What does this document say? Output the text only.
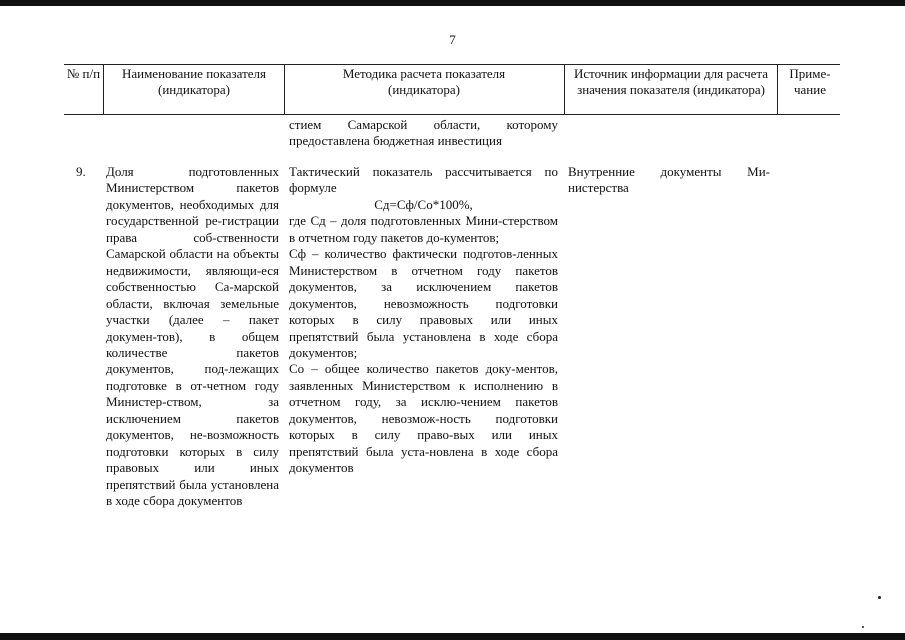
7
№ п/п	Наименование показателя (индикатора)
Методика расчета показателя (индикатора)
Источник информации для расчета значения показателя (индикатора)
Приме-чание
стием Самарской области, которому предоставлена бюджетная инвестиция
9.	Доля подготовленных Министерством пакетов документов, необходимых для государственной ре-гистрации права соб-ственности Самарской области на объекты недвижимости, являющи-еся собственностью Са-марской области, включая земельные участки (далее – пакет докумен-тов), в общем количестве пакетов документов, под-лежащих подготовке в от-четном году Министер-ством, за исключением пакетов документов, не-возможность подготовки которых в силу правовых или иных препятствий была установлена в ходе сбора документов
Тактический показатель рассчитывается по формуле
Сд=Сф/Со*100%,
где Сд – доля подготовленных Мини-стерством в отчетном году пакетов до-кументов;
Сф – количество фактически подготов-ленных Министерством в отчетном году пакетов документов, за исключением пакетов документов, невозможность подготовки которых в силу правовых или иных препятствий была установлена в ходе сбора документов;
Со – общее количество пакетов доку-ментов, заявленных Министерством к исполнению в отчетном году, за исклю-чением пакетов документов, невозмож-ность подготовки которых в силу право-вых или иных препятствий была уста-новлена в ходе сбора документов
Внутренние документы Ми-нистерства
